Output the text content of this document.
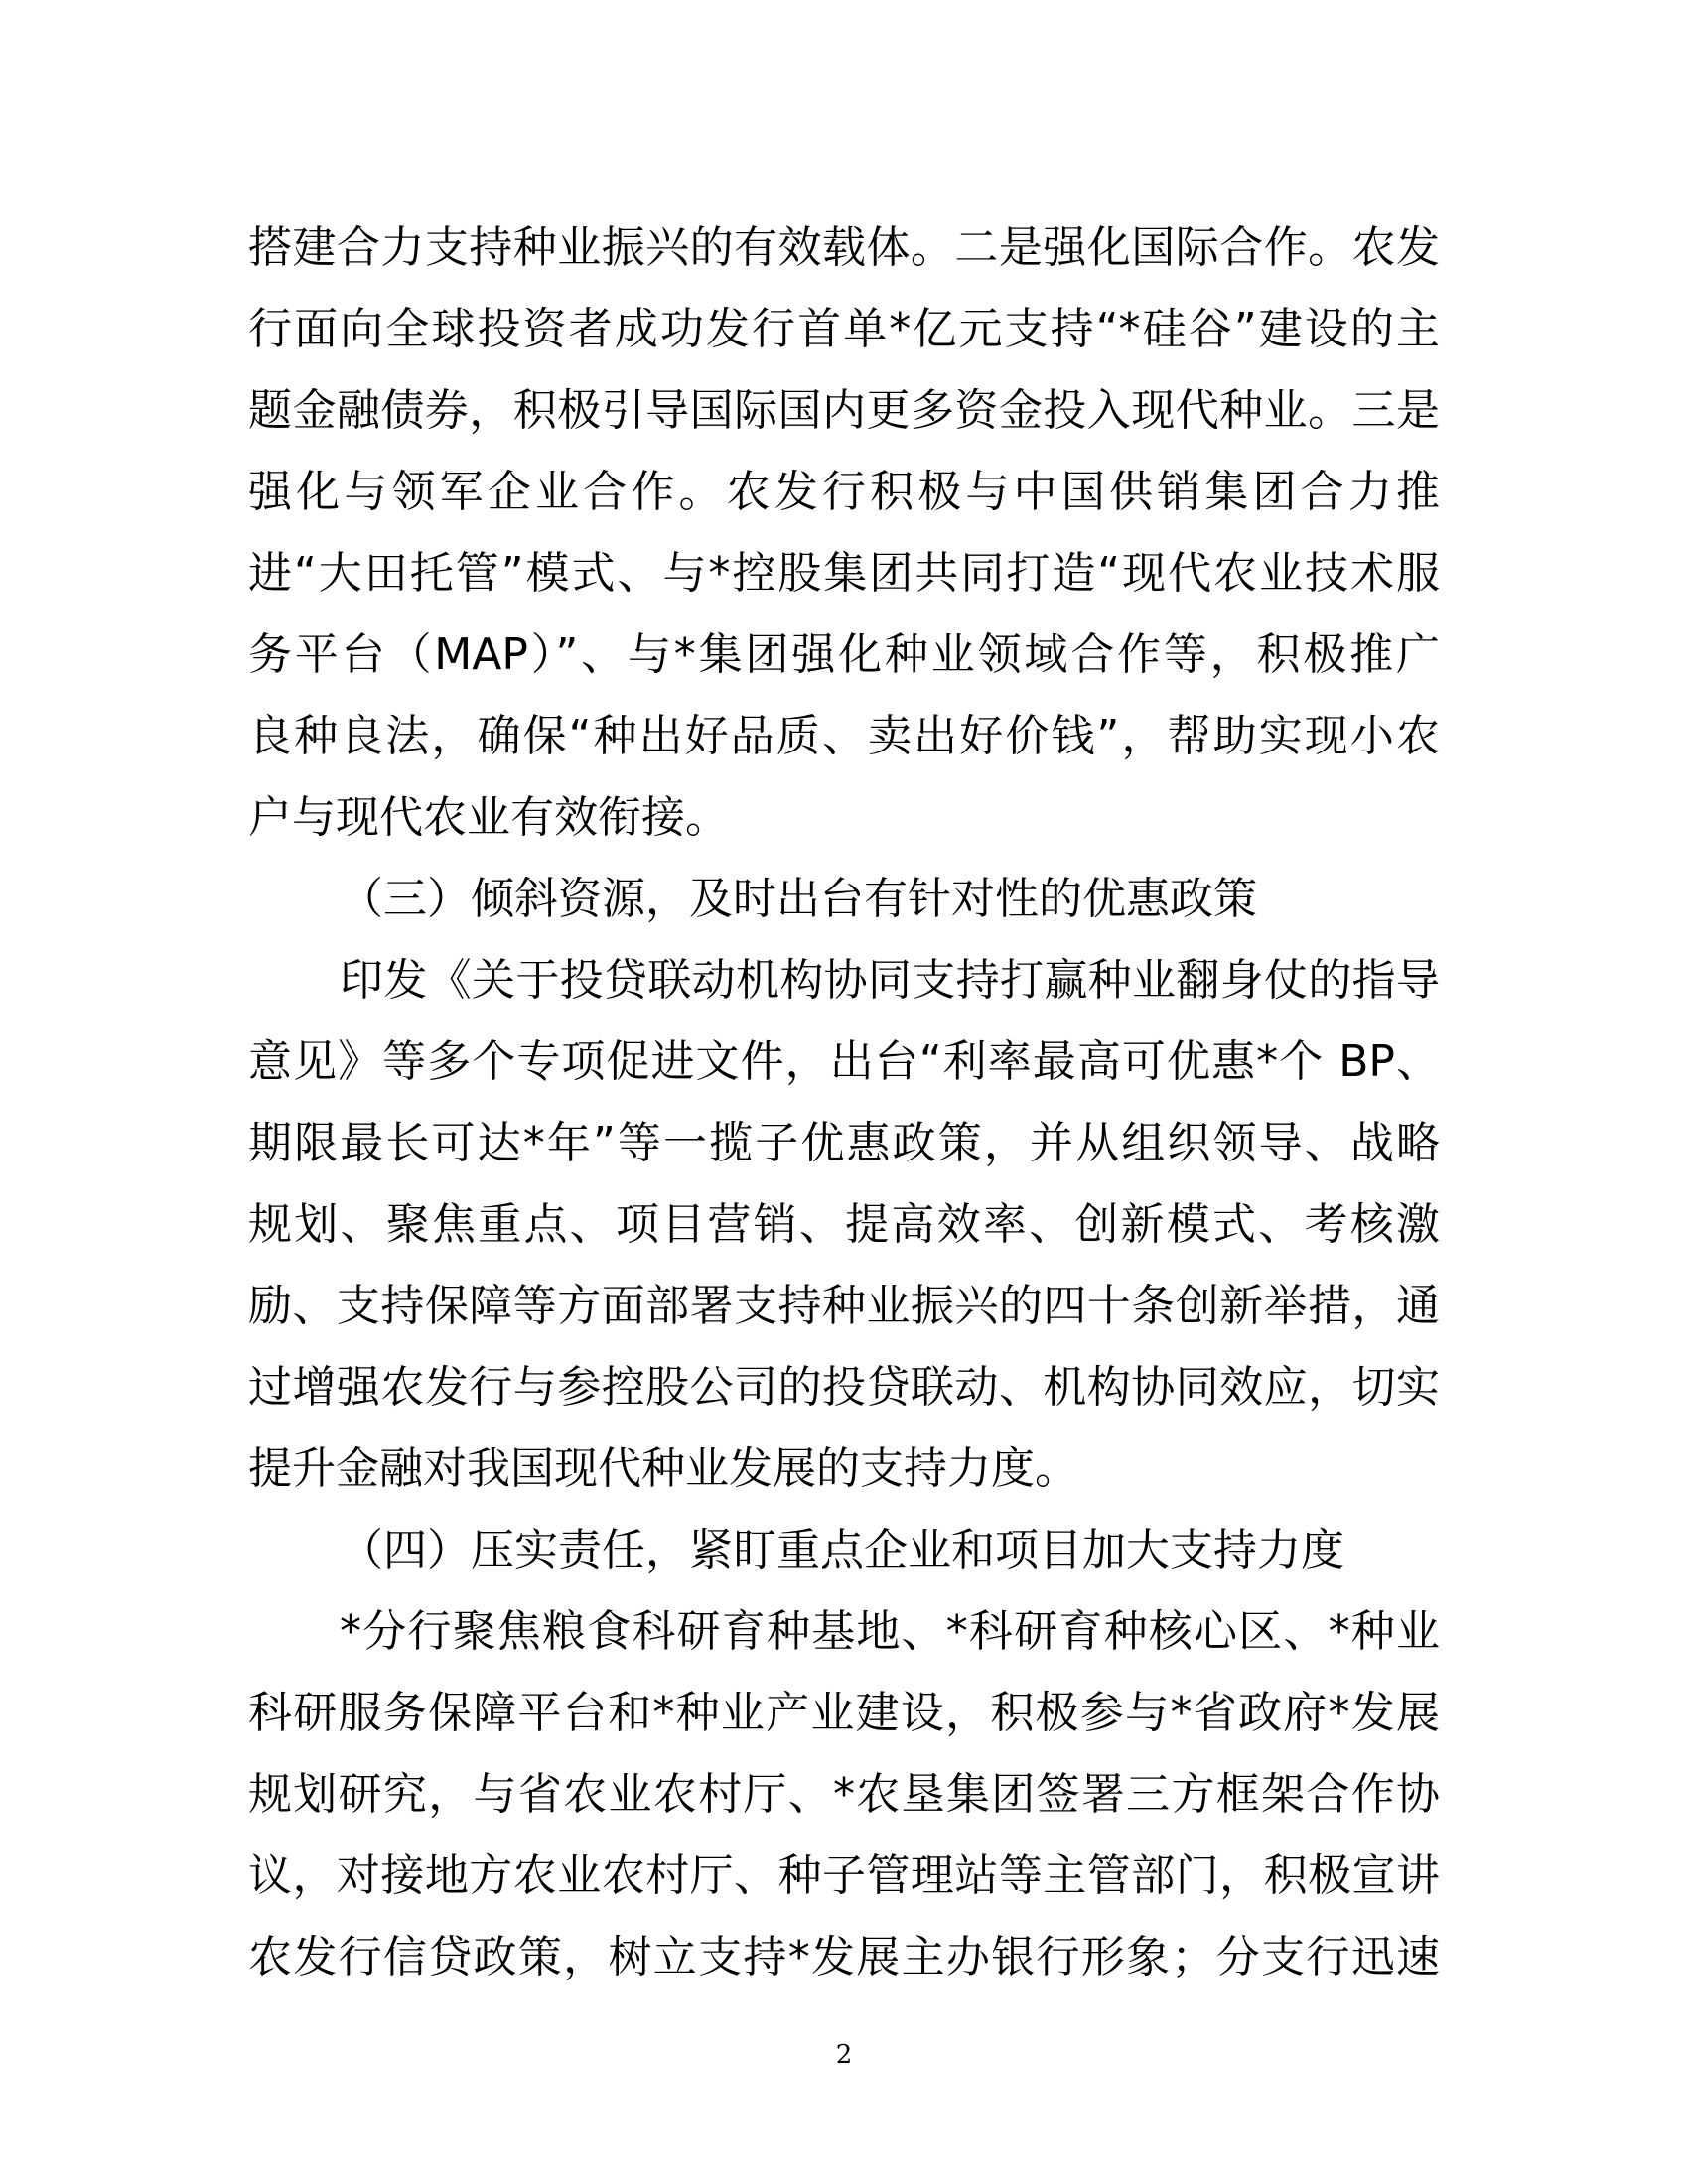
搭建合力支持种业振兴的有效载体。二是强化国际合作。农发
行面向全球投资者成功发行首单*亿元支持“*硅谷”建设的主
题金融债券，积极引导国际国内更多资金投入现代种业。三是
强化与领军企业合作。农发行积极与中国供销集团合力推
进“大田托管”模式、与*控股集团共同打造“现代农业技术服
务平台（MAP）”、与*集团强化种业领域合作等，积极推广
良种良法，确保“种出好品质、卖出好价钱”，帮助实现小农
户与现代农业有效衔接。
（三）倾斜资源，及时出台有针对性的优惠政策
印发《关于投贷联动机构协同支持打赢种业翻身仗的指导
意见》等多个专项促进文件，出台“利率最高可优惠*个 BP、
期限最长可达*年”等一揽子优惠政策，并从组织领导、战略
规划、聚焦重点、项目营销、提高效率、创新模式、考核激
励、支持保障等方面部署支持种业振兴的四十条创新举措，通
过增强农发行与参控股公司的投贷联动、机构协同效应，切实
提升金融对我国现代种业发展的支持力度。
（四）压实责任，紧盯重点企业和项目加大支持力度
*分行聚焦粮食科研育种基地、*科研育种核心区、*种业
科研服务保障平台和*种业产业建设，积极参与*省政府*发展
规划研究，与省农业农村厅、*农垦集团签署三方框架合作协
议，对接地方农业农村厅、种子管理站等主管部门，积极宣讲
农发行信贷政策，树立支持*发展主办银行形象；分支行迅速
2
